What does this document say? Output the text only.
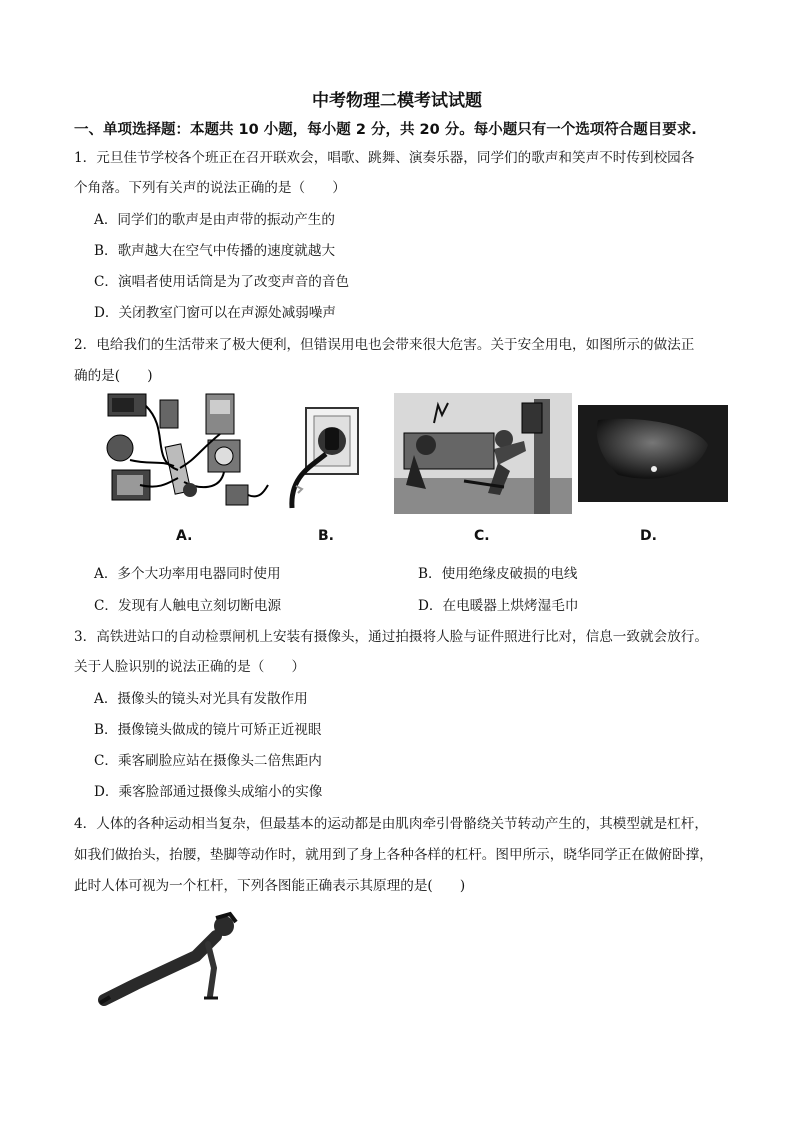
中考物理二模考试试题
一、单项选择题：本题共 10 小题，每小题 2 分，共 20 分。每小题只有一个选项符合题目要求.
1．元旦佳节学校各个班正在召开联欢会，唱歌、跳舞、演奏乐器，同学们的歌声和笑声不时传到校园各
个角落。下列有关声的说法正确的是（　　）
A．同学们的歌声是由声带的振动产生的
B．歌声越大在空气中传播的速度就越大
C．演唱者使用话筒是为了改变声音的音色
D．关闭教室门窗可以在声源处减弱噪声
2．电给我们的生活带来了极大便利，但错误用电也会带来很大危害。关于安全用电，如图所示的做法正
确的是(　　)
A.	B.	C.	D.
A．多个大功率用电器同时使用	B．使用绝缘皮破损的电线
C．发现有人触电立刻切断电源	D．在电暖器上烘烤湿毛巾
3．高铁进站口的自动检票闸机上安装有摄像头，通过拍摄将人脸与证件照进行比对，信息一致就会放行。
关于人脸识别的说法正确的是（　　）
A．摄像头的镜头对光具有发散作用
B．摄像镜头做成的镜片可矫正近视眼
C．乘客刷脸应站在摄像头二倍焦距内
D．乘客脸部通过摄像头成缩小的实像
4．人体的各种运动相当复杂，但最基本的运动都是由肌肉牵引骨骼绕关节转动产生的，其模型就是杠杆，
如我们做抬头，抬腰，垫脚等动作时，就用到了身上各种各样的杠杆。图甲所示，晓华同学正在做俯卧撑，
此时人体可视为一个杠杆，下列各图能正确表示其原理的是(　　)
